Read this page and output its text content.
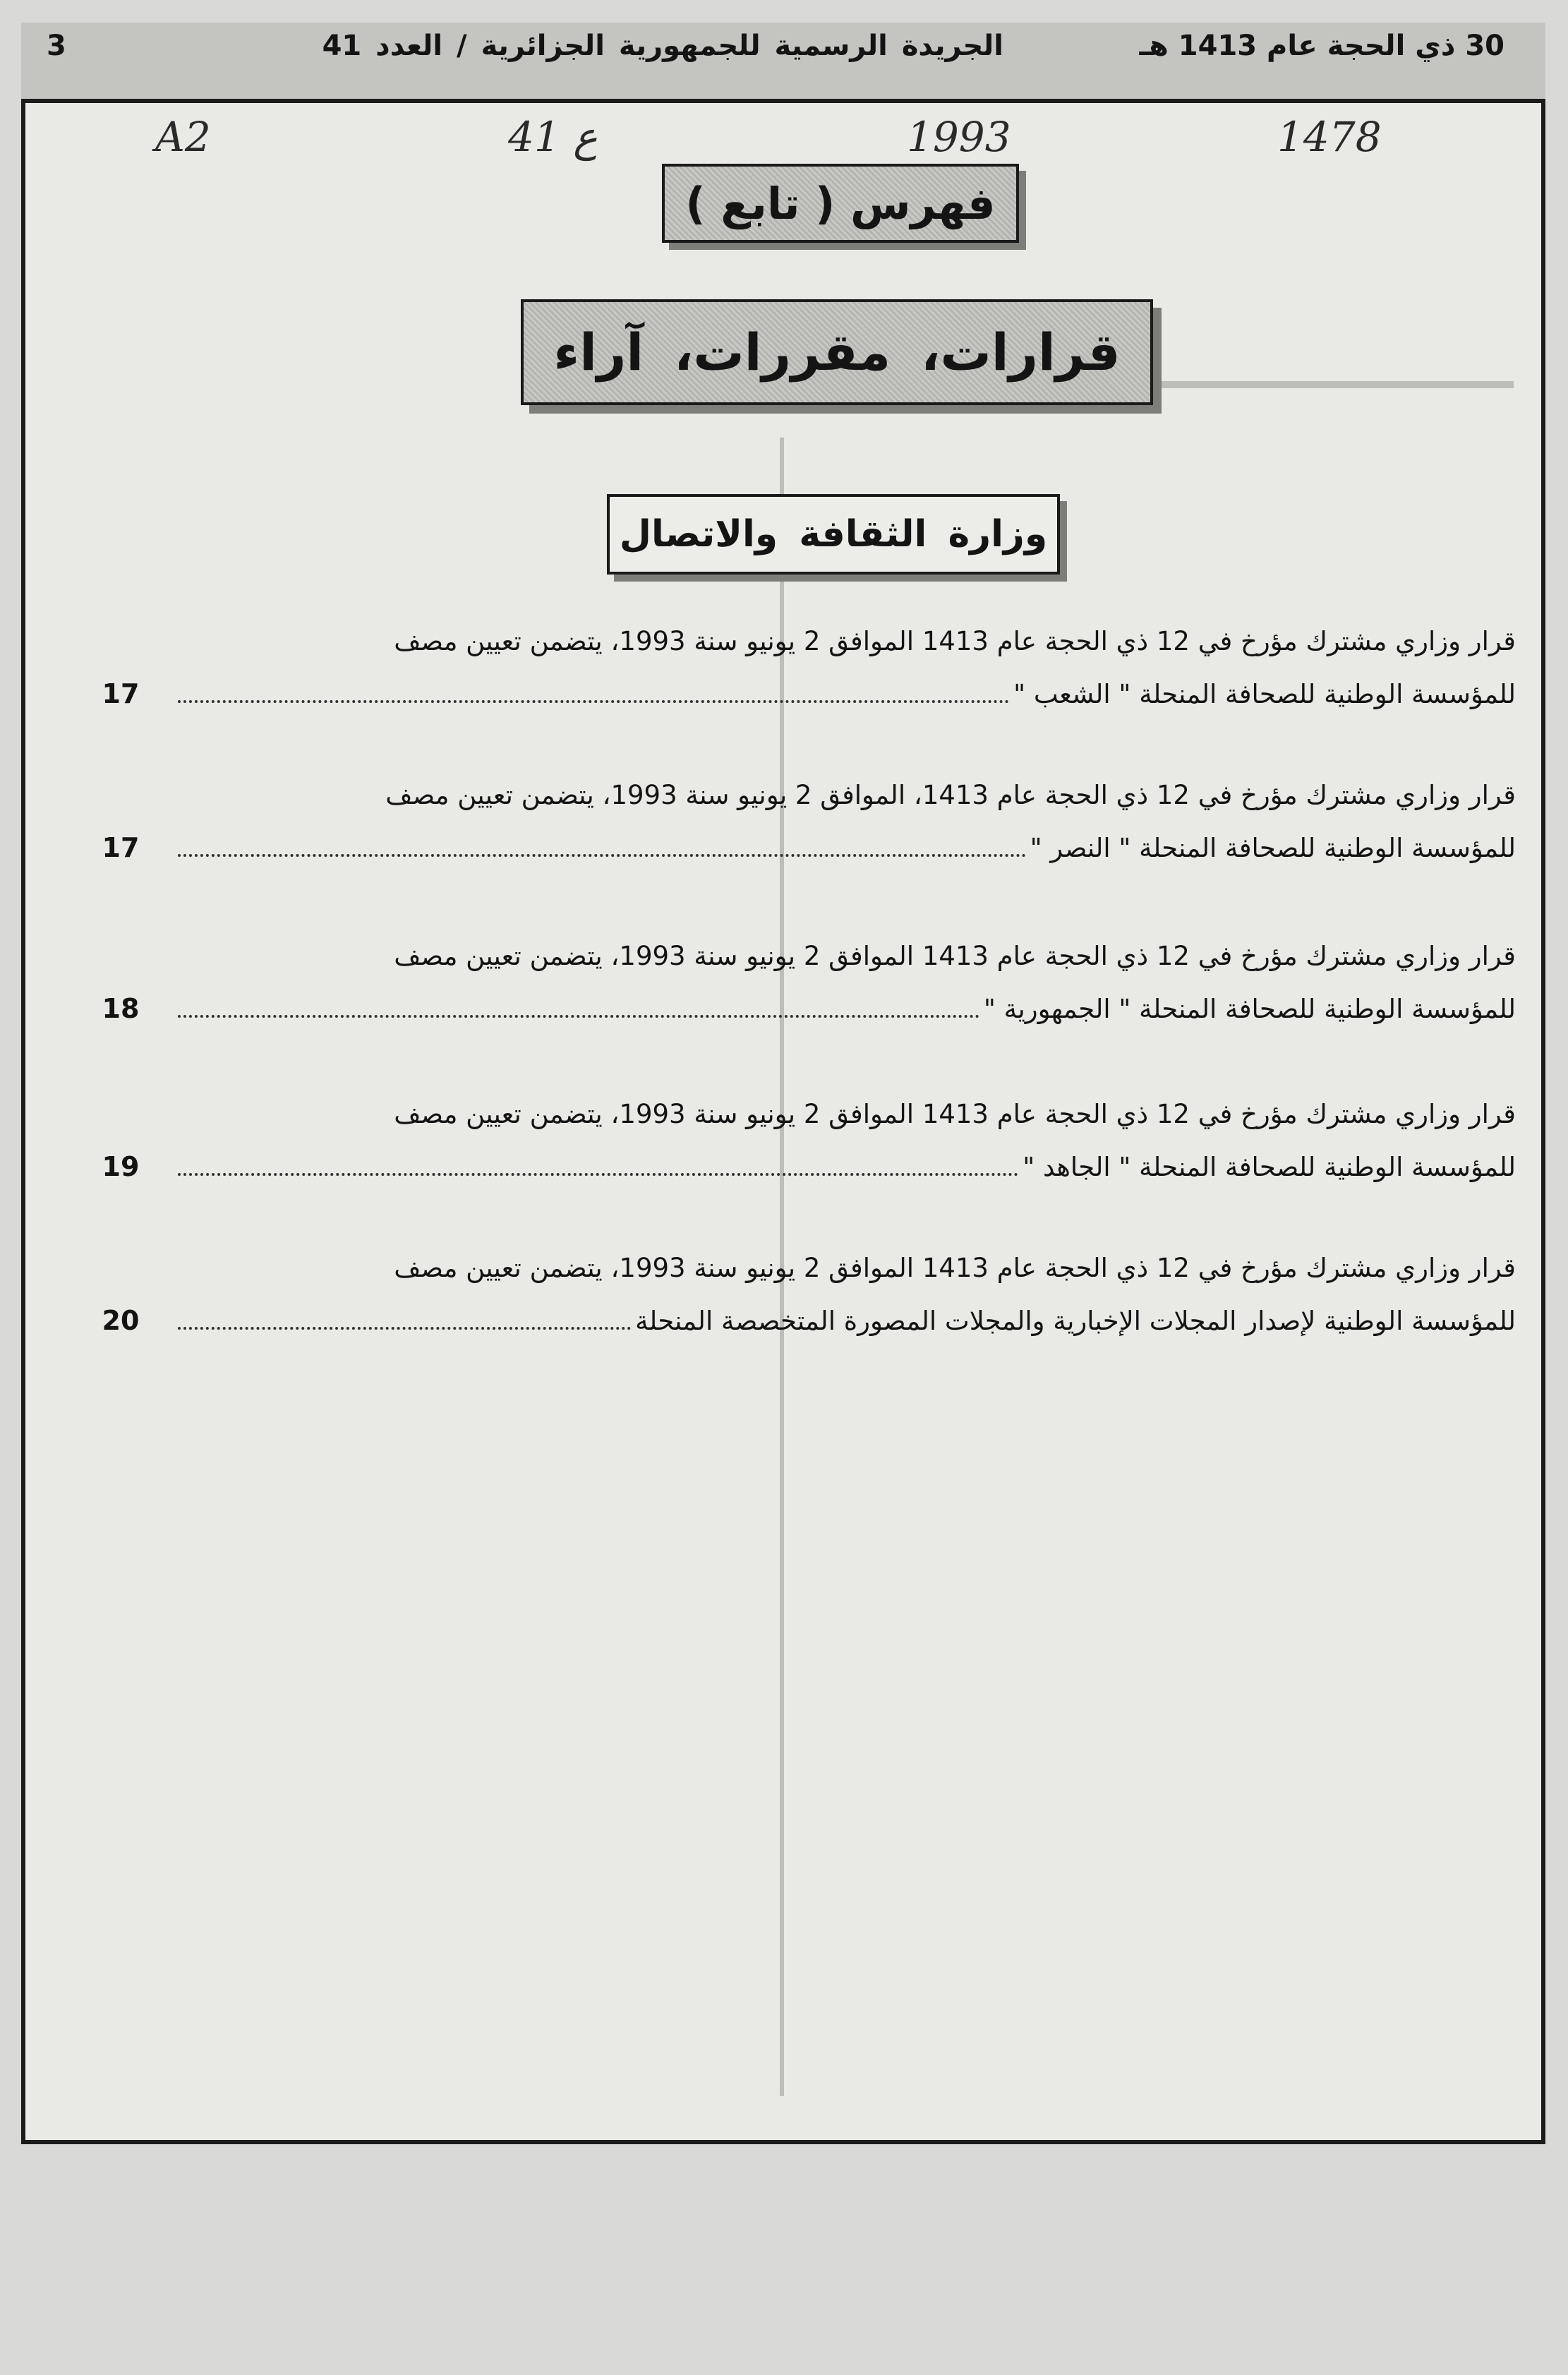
30 ذي الحجة عام 1413 هـ
الجريدة الرسمية للجمهورية الجزائرية / العدد 41
3
A2	41 ع	1993	1478
فهرس ( تابع )
قرارات، مقررات، آراء
وزارة الثقافة والاتصال
قرار وزاري مشترك مؤرخ في 12 ذي الحجة عام 1413 الموافق 2 يونيو سنة 1993، يتضمن تعيين مصف
للمؤسسة الوطنية للصحافة المنحلة " الشعب "
17
قرار وزاري مشترك مؤرخ في 12 ذي الحجة عام 1413، الموافق 2 يونيو سنة 1993، يتضمن تعيين مصف
للمؤسسة الوطنية للصحافة المنحلة " النصر "
17
قرار وزاري مشترك مؤرخ في 12 ذي الحجة عام 1413 الموافق 2 يونيو سنة 1993، يتضمن تعيين مصف
للمؤسسة الوطنية للصحافة المنحلة " الجمهورية "
18
قرار وزاري مشترك مؤرخ في 12 ذي الحجة عام 1413 الموافق 2 يونيو سنة 1993، يتضمن تعيين مصف
للمؤسسة الوطنية للصحافة المنحلة " الجاهد "
19
قرار وزاري مشترك مؤرخ في 12 ذي الحجة عام 1413 الموافق 2 يونيو سنة 1993، يتضمن تعيين مصف
للمؤسسة الوطنية لإصدار المجلات الإخبارية والمجلات المصورة المتخصصة المنحلة
20
